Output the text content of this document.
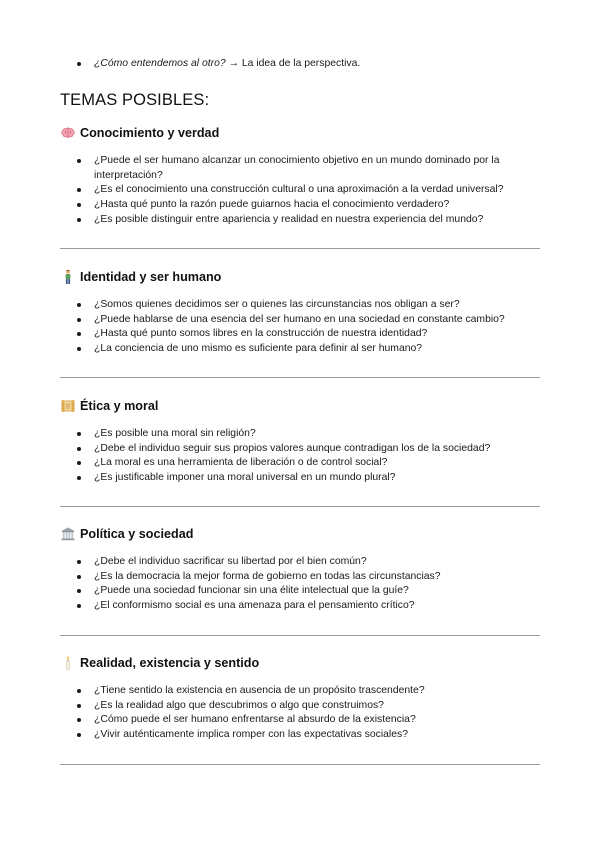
¿Cómo entendemos al otro? → La idea de la perspectiva.
TEMAS POSIBLES:
Conocimiento y verdad
¿Puede el ser humano alcanzar un conocimiento objetivo en un mundo dominado por la interpretación?
¿Es el conocimiento una construcción cultural o una aproximación a la verdad universal?
¿Hasta qué punto la razón puede guiarnos hacia el conocimiento verdadero?
¿Es posible distinguir entre apariencia y realidad en nuestra experiencia del mundo?
Identidad y ser humano
¿Somos quienes decidimos ser o quienes las circunstancias nos obligan a ser?
¿Puede hablarse de una esencia del ser humano en una sociedad en constante cambio?
¿Hasta qué punto somos libres en la construcción de nuestra identidad?
¿La conciencia de uno mismo es suficiente para definir al ser humano?
Ética y moral
¿Es posible una moral sin religión?
¿Debe el individuo seguir sus propios valores aunque contradigan los de la sociedad?
¿La moral es una herramienta de liberación o de control social?
¿Es justificable imponer una moral universal en un mundo plural?
Política y sociedad
¿Debe el individuo sacrificar su libertad por el bien común?
¿Es la democracia la mejor forma de gobierno en todas las circunstancias?
¿Puede una sociedad funcionar sin una élite intelectual que la guíe?
¿El conformismo social es una amenaza para el pensamiento crítico?
Realidad, existencia y sentido
¿Tiene sentido la existencia en ausencia de un propósito trascendente?
¿Es la realidad algo que descubrimos o algo que construimos?
¿Cómo puede el ser humano enfrentarse al absurdo de la existencia?
¿Vivir auténticamente implica romper con las expectativas sociales?
